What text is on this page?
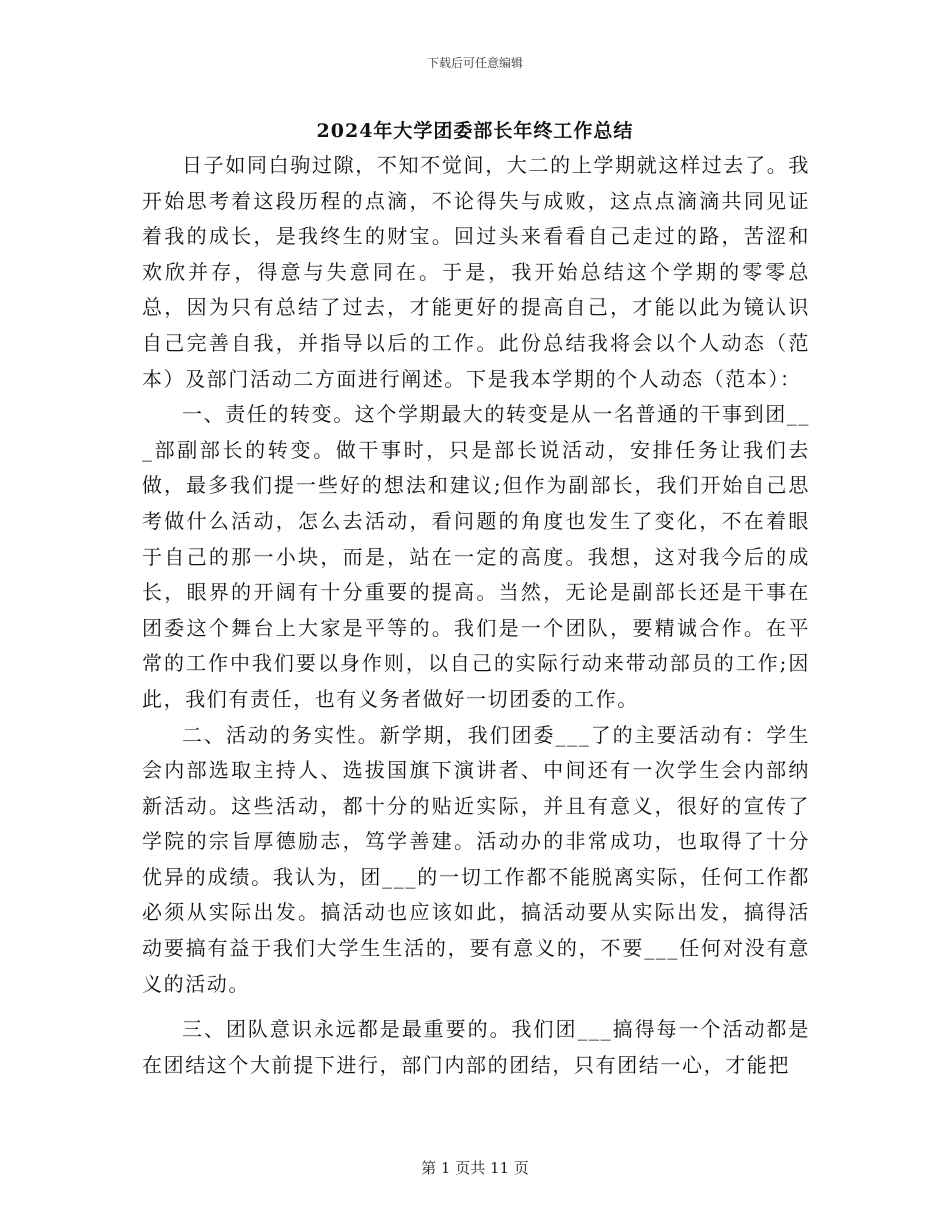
下载后可任意编辑
2024年大学团委部长年终工作总结

日子如同白驹过隙，不知不觉间，大二的上学期就这样过去了。我开始思考着这段历程的点滴，不论得失与成败，这点点滴滴共同见证着我的成长，是我终生的财宝。回过头来看看自己走过的路，苦涩和欢欣并存，得意与失意同在。于是，我开始总结这个学期的零零总总，因为只有总结了过去，才能更好的提高自己，才能以此为镜认识自己完善自我，并指导以后的工作。此份总结我将会以个人动态（范本）及部门活动二方面进行阐述。下是我本学期的个人动态（范本）：

一、责任的转变。这个学期最大的转变是从一名普通的干事到团___部副部长的转变。做干事时，只是部长说活动，安排任务让我们去做，最多我们提一些好的想法和建议;但作为副部长，我们开始自己思考做什么活动，怎么去活动，看问题的角度也发生了变化，不在着眼于自己的那一小块，而是，站在一定的高度。我想，这对我今后的成长，眼界的开阔有十分重要的提高。当然，无论是副部长还是干事在团委这个舞台上大家是平等的。我们是一个团队，要精诚合作。在平常的工作中我们要以身作则，以自己的实际行动来带动部员的工作;因此，我们有责任，也有义务者做好一切团委的工作。

二、活动的务实性。新学期，我们团委___了的主要活动有：学生会内部选取主持人、选拔国旗下演讲者、中间还有一次学生会内部纳新活动。这些活动，都十分的贴近实际，并且有意义，很好的宣传了学院的宗旨厚德励志，笃学善建。活动办的非常成功，也取得了十分优异的成绩。我认为，团___的一切工作都不能脱离实际，任何工作都必须从实际出发。搞活动也应该如此，搞活动要从实际出发，搞得活动要搞有益于我们大学生生活的，要有意义的，不要___任何对没有意义的活动。

三、团队意识永远都是最重要的。我们团___搞得每一个活动都是在团结这个大前提下进行，部门内部的团结，只有团结一心，才能把

第 1 页共 11 页
